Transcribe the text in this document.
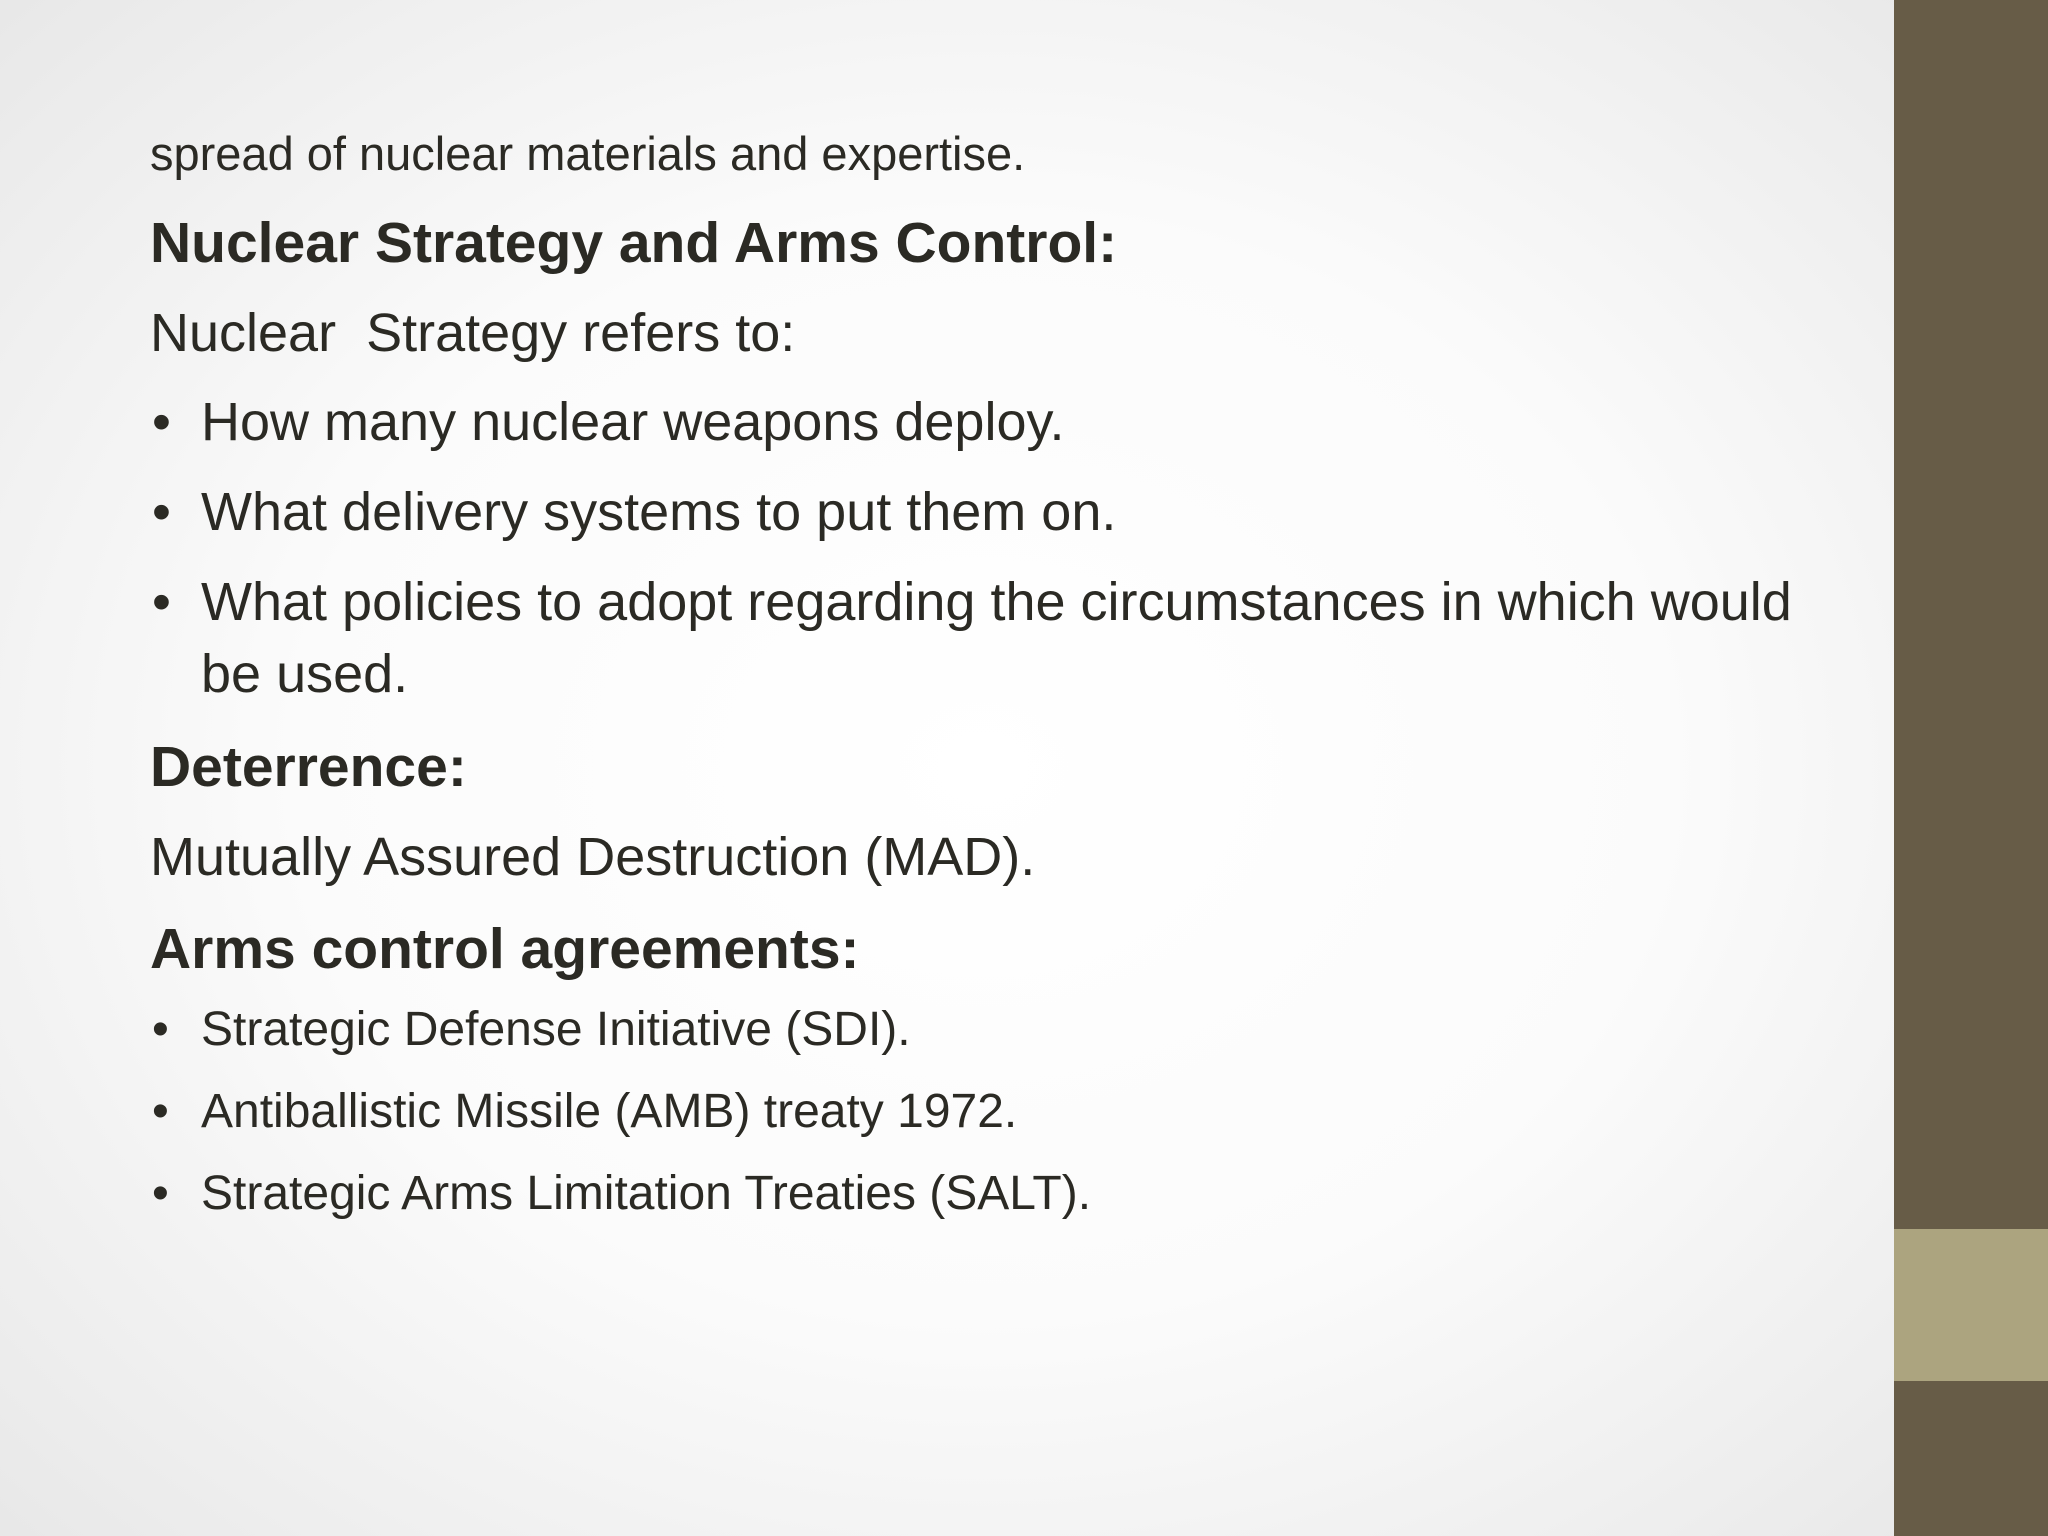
spread of nuclear materials and expertise.

Nuclear Strategy and Arms Control:

Nuclear  Strategy refers to:

• How many nuclear weapons deploy.
• What delivery systems to put them on.
• What policies to adopt regarding the circumstances in which would be used.

Deterrence:

Mutually Assured Destruction (MAD).

Arms control agreements:

• Strategic Defense Initiative (SDI).
• Antiballistic Missile (AMB) treaty 1972.
• Strategic Arms Limitation Treaties (SALT).
